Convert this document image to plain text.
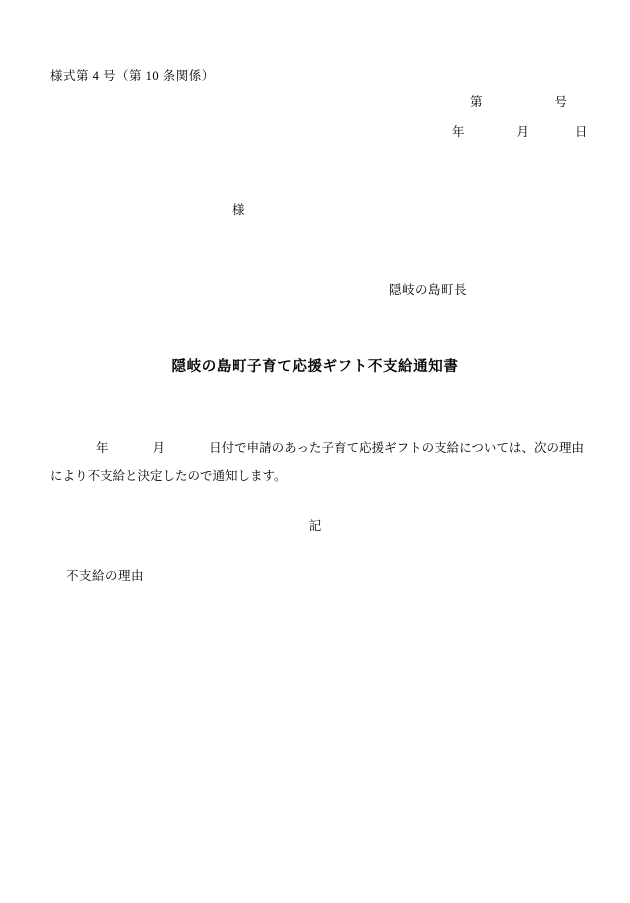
様式第 4 号（第 10 条関係）
第	号
年	月	日
様
隠岐の島町長
隠岐の島町子育て応援ギフト不支給通知書
年	月	日付で申請のあった子育て応援ギフトの支給については、次の理由により不支給と決定したので通知します。
記
不支給の理由
